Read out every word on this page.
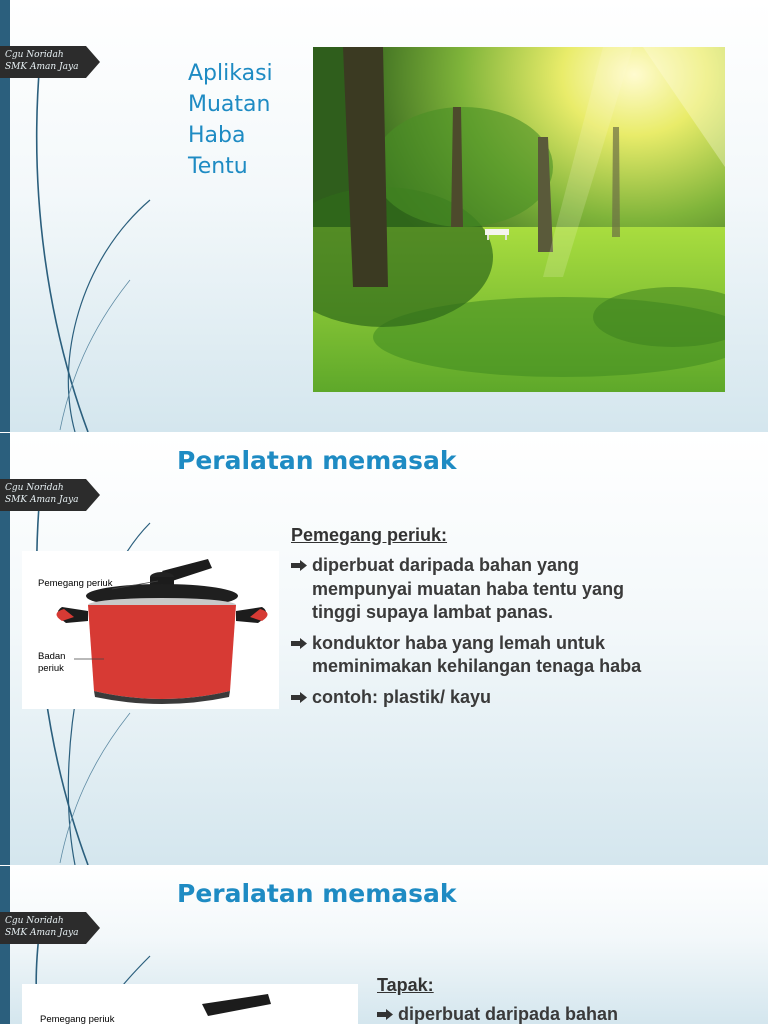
Cgu Noridah
SMK Aman Jaya	Aplikasi
Muatan
Haba
Tentu
Cgu Noridah
SMK Aman Jaya
Peralatan memasak
Pemegang periuk
Badan
periuk
Pemegang periuk:
diperbuat daripada bahan yang mempunyai muatan haba tentu yang tinggi supaya lambat panas.
konduktor haba yang lemah untuk meminimakan kehilangan tenaga haba
contoh: plastik/ kayu
Cgu Noridah
SMK Aman Jaya
Peralatan memasak
Pemegang periuk
Tapak:
diperbuat daripada bahan
